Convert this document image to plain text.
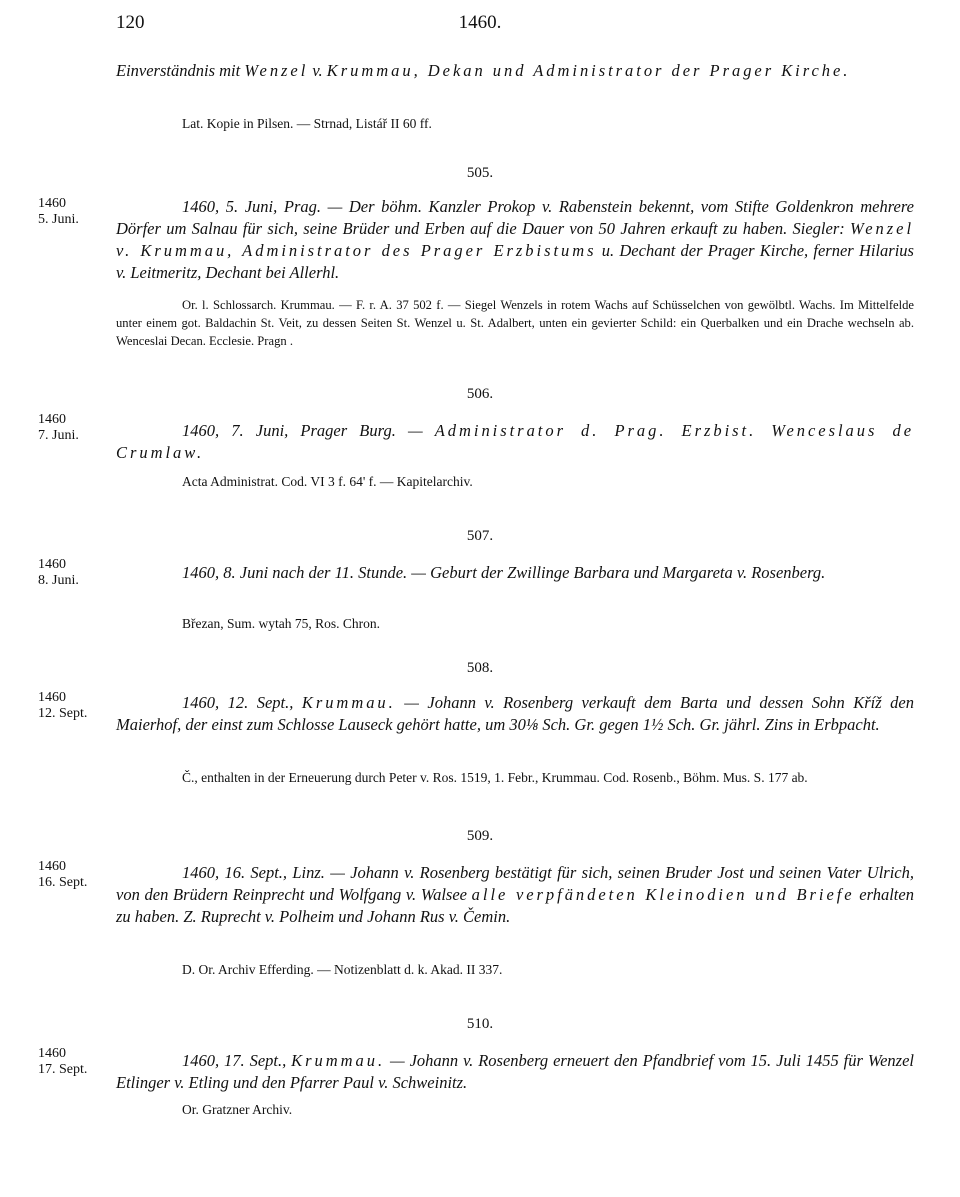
120	1460.
Einverständnis mit Wenzel v. Krummau, Dekan und Administrator der Prager Kirche.
Lat. Kopie in Pilsen. — Strnad, Listář II 60 ff.
505.
1460
5. Juni.
1460, 5. Juni, Prag. — Der böhm. Kanzler Prokop v. Rabenstein bekennt, vom Stifte Goldenkron mehrere Dörfer um Salnau für sich, seine Brüder und Erben auf die Dauer von 50 Jahren erkauft zu haben. Siegler: Wenzel v. Krummau, Administrator des Prager Erzbistums u. Dechant der Prager Kirche, ferner Hilarius v. Leitmeritz, Dechant bei Allerhl.
Or. l. Schlossarch. Krummau. — F. r. A. 37 502 f. — Siegel Wenzels in rotem Wachs auf Schüsselchen von gewölbtl. Wachs. Im Mittelfelde unter einem got. Baldachin St. Veit, zu dessen Seiten St. Wenzel u. St. Adalbert, unten ein gevierter Schild: ein Querbalken und ein Drache wechseln ab. Wenceslai Decan. Ecclesie. Pragn .
506.
1460
7. Juni.	1460, 7. Juni, Prager Burg. — Administrator d. Prag. Erzbist. Wenceslaus de Crumlaw.
Acta Administrat. Cod. VI 3 f. 64' f. — Kapitelarchiv.
507.
1460
8. Juni.	1460, 8. Juni nach der 11. Stunde. — Geburt der Zwillinge Barbara und Margareta v. Rosenberg.
Březan, Sum. wytah 75, Ros. Chron.
508.
1460
12. Sept.
1460, 12. Sept., Krummau. — Johann v. Rosenberg verkauft dem Barta und dessen Sohn Kříž den Maierhof, der einst zum Schlosse Lauseck gehört hatte, um 30⅛ Sch. Gr. gegen 1½ Sch. Gr. jährl. Zins in Erbpacht.
Č., enthalten in der Erneuerung durch Peter v. Ros. 1519, 1. Febr., Krummau. Cod. Rosenb., Böhm. Mus. S. 177 ab.
509.
1460
16. Sept.
1460, 16. Sept., Linz. — Johann v. Rosenberg bestätigt für sich, seinen Bruder Jost und seinen Vater Ulrich, von den Brüdern Reinprecht und Wolfgang v. Walsee alle verpfändeten Kleinodien und Briefe erhalten zu haben. Z. Ruprecht v. Polheim und Johann Rus v. Čemin.
D. Or. Archiv Efferding. — Notizenblatt d. k. Akad. II 337.
510.
1460
17. Sept.	1460, 17. Sept., Krummau. — Johann v. Rosenberg erneuert den Pfandbrief vom 15. Juli 1455 für Wenzel Etlinger v. Etling und den Pfarrer Paul v. Schweinitz.
Or. Gratzner Archiv.
